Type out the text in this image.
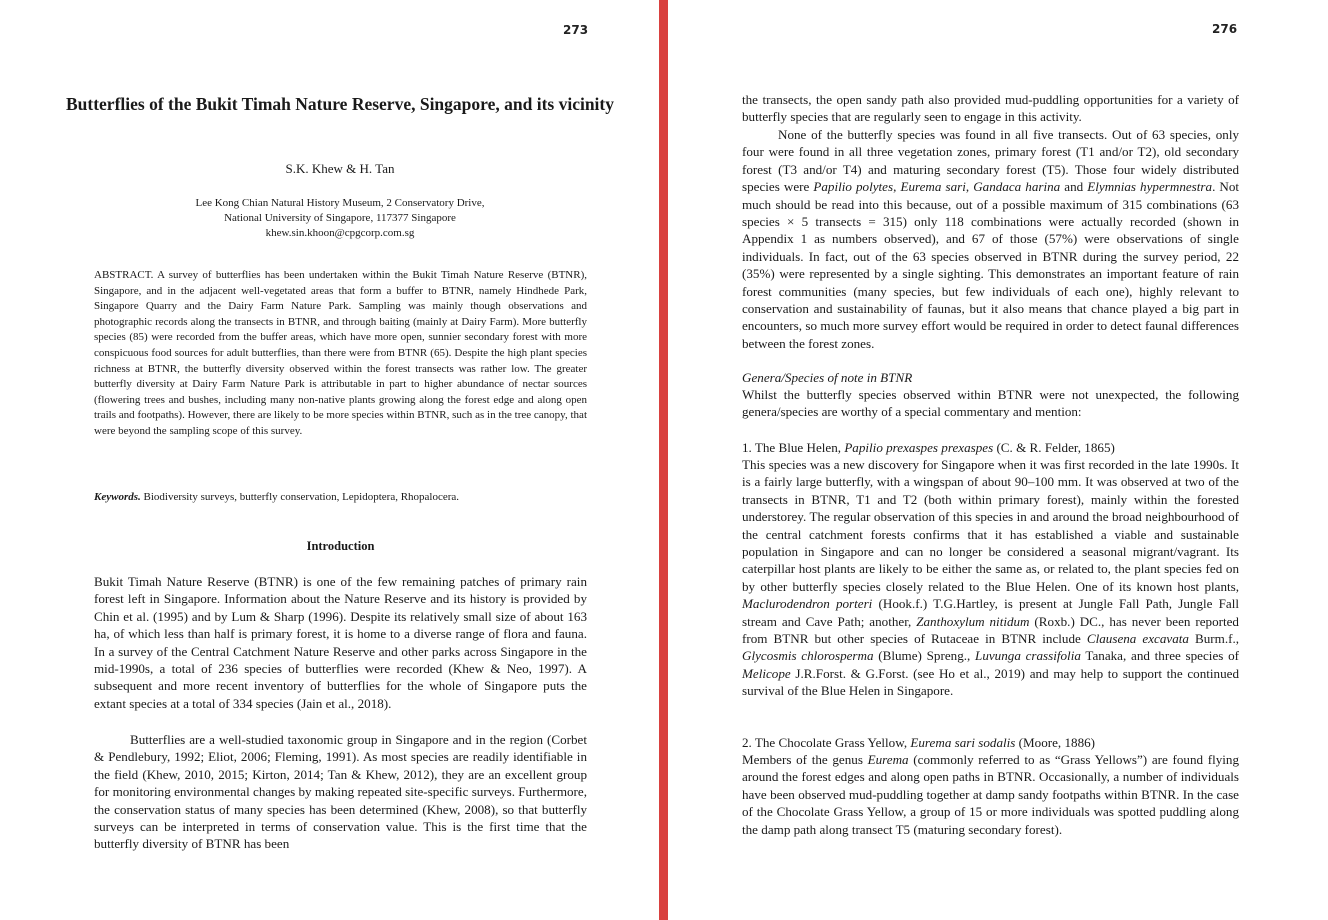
273
Butterflies of the Bukit Timah Nature Reserve, Singapore, and its vicinity

S.K. Khew & H. Tan

Lee Kong Chian Natural History Museum, 2 Conservatory Drive,
National University of Singapore, 117377 Singapore
khew.sin.khoon@cpgcorp.com.sg

ABSTRACT. A survey of butterflies has been undertaken within the Bukit Timah Nature Reserve (BTNR), Singapore, and in the adjacent well-vegetated areas that form a buffer to BTNR, namely Hindhede Park, Singapore Quarry and the Dairy Farm Nature Park. Sampling was mainly though observations and photographic records along the transects in BTNR, and through baiting (mainly at Dairy Farm). More butterfly species (85) were recorded from the buffer areas, which have more open, sunnier secondary forest with more conspicuous food sources for adult butterflies, than there were from BTNR (65). Despite the high plant species richness at BTNR, the butterfly diversity observed within the forest transects was rather low. The greater butterfly diversity at Dairy Farm Nature Park is attributable in part to higher abundance of nectar sources (flowering trees and bushes, including many non-native plants growing along the forest edge and along open trails and footpaths). However, there are likely to be more species within BTNR, such as in the tree canopy, that were beyond the sampling scope of this survey.

Keywords. Biodiversity surveys, butterfly conservation, Lepidoptera, Rhopalocera.

Introduction

Bukit Timah Nature Reserve (BTNR) is one of the few remaining patches of primary rain forest left in Singapore. Information about the Nature Reserve and its history is provided by Chin et al. (1995) and by Lum & Sharp (1996). Despite its relatively small size of about 163 ha, of which less than half is primary forest, it is home to a diverse range of flora and fauna. In a survey of the Central Catchment Nature Reserve and other parks across Singapore in the mid-1990s, a total of 236 species of butterflies were recorded (Khew & Neo, 1997). A subsequent and more recent inventory of butterflies for the whole of Singapore puts the extant species at a total of 334 species (Jain et al., 2018).

Butterflies are a well-studied taxonomic group in Singapore and in the region (Corbet & Pendlebury, 1992; Eliot, 2006; Fleming, 1991). As most species are readily identifiable in the field (Khew, 2010, 2015; Kirton, 2014; Tan & Khew, 2012), they are an excellent group for monitoring environmental changes by making repeated site-specific surveys. Furthermore, the conservation status of many species has been determined (Khew, 2008), so that butterfly surveys can be interpreted in terms of conservation value. This is the first time that the butterfly diversity of BTNR has been

276

the transects, the open sandy path also provided mud-puddling opportunities for a variety of butterfly species that are regularly seen to engage in this activity.

None of the butterfly species was found in all five transects. Out of 63 species, only four were found in all three vegetation zones, primary forest (T1 and/or T2), old secondary forest (T3 and/or T4) and maturing secondary forest (T5). Those four widely distributed species were Papilio polytes, Eurema sari, Gandaca harina and Elymnias hypermnestra. Not much should be read into this because, out of a possible maximum of 315 combinations (63 species × 5 transects = 315) only 118 combinations were actually recorded (shown in Appendix 1 as numbers observed), and 67 of those (57%) were observations of single individuals. In fact, out of the 63 species observed in BTNR during the survey period, 22 (35%) were represented by a single sighting. This demonstrates an important feature of rain forest communities (many species, but few individuals of each one), highly relevant to conservation and sustainability of faunas, but it also means that chance played a big part in encounters, so much more survey effort would be required in order to detect faunal differences between the forest zones.

Genera/Species of note in BTNR

Whilst the butterfly species observed within BTNR were not unexpected, the following genera/species are worthy of a special commentary and mention:

1. The Blue Helen, Papilio prexaspes prexaspes (C. & R. Felder, 1865)

This species was a new discovery for Singapore when it was first recorded in the late 1990s. It is a fairly large butterfly, with a wingspan of about 90–100 mm. It was observed at two of the transects in BTNR, T1 and T2 (both within primary forest), mainly within the forested understorey. The regular observation of this species in and around the broad neighbourhood of the central catchment forests confirms that it has established a viable and sustainable population in Singapore and can no longer be considered a seasonal migrant/vagrant. Its caterpillar host plants are likely to be either the same as, or related to, the plant species fed on by other butterfly species closely related to the Blue Helen. One of its known host plants, Maclurodendron porteri (Hook.f.) T.G.Hartley, is present at Jungle Fall Path, Jungle Fall stream and Cave Path; another, Zanthoxylum nitidum (Roxb.) DC., has never been reported from BTNR but other species of Rutaceae in BTNR include Clausena excavata Burm.f., Glycosmis chlorosperma (Blume) Spreng., Luvunga crassifolia Tanaka, and three species of Melicope J.R.Forst. & G.Forst. (see Ho et al., 2019) and may help to support the continued survival of the Blue Helen in Singapore.

2. The Chocolate Grass Yellow, Eurema sari sodalis (Moore, 1886)

Members of the genus Eurema (commonly referred to as “Grass Yellows”) are found flying around the forest edges and along open paths in BTNR. Occasionally, a number of individuals have been observed mud-puddling together at damp sandy footpaths within BTNR. In the case of the Chocolate Grass Yellow, a group of 15 or more individuals was spotted puddling along the damp path along transect T5 (maturing secondary forest).
